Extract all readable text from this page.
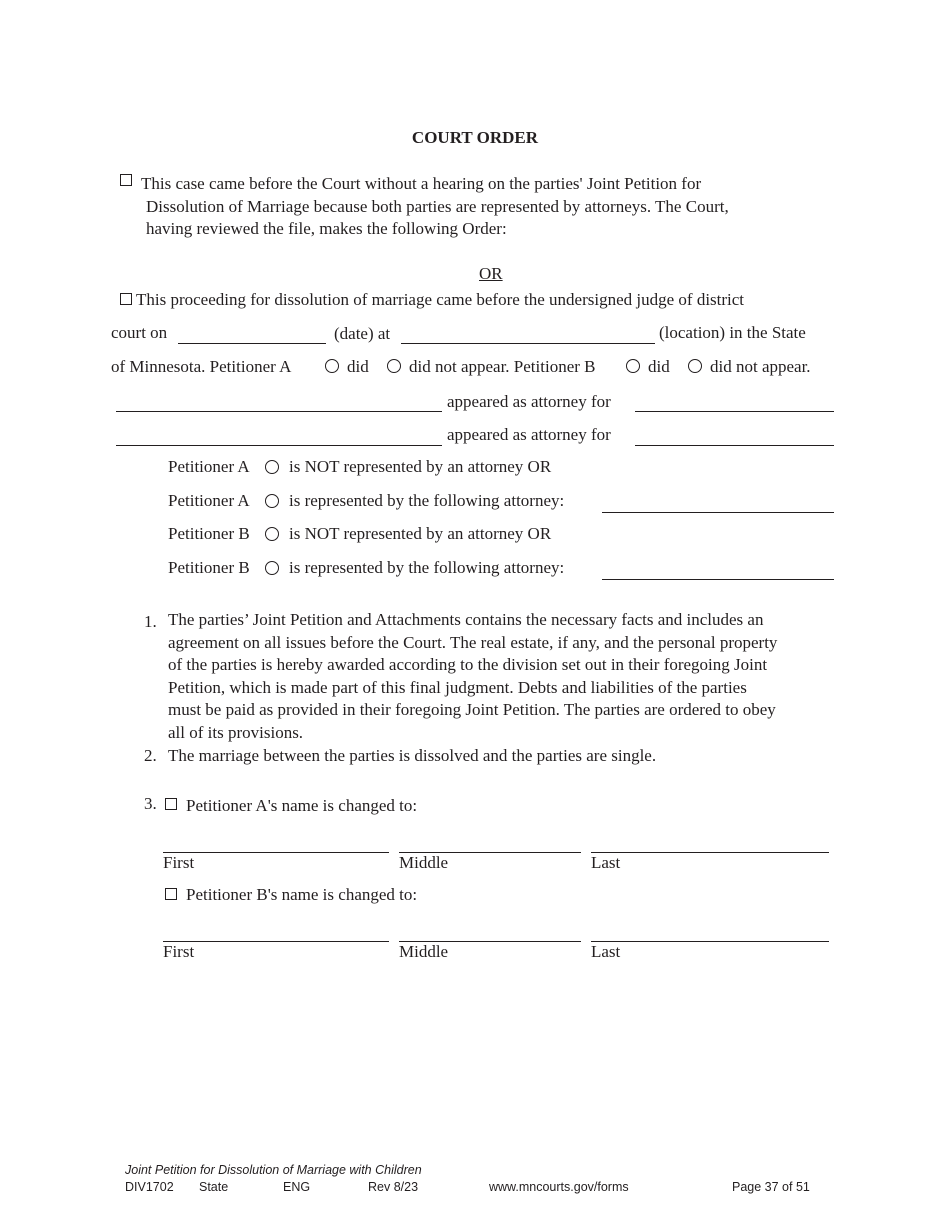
COURT ORDER
This case came before the Court without a hearing on the parties' Joint Petition for
Dissolution of Marriage because both parties are represented by attorneys. The Court,
having reviewed the file, makes the following Order:
OR
This proceeding for dissolution of marriage came before the undersigned judge of district
court on	(date) at	(location) in the State
of Minnesota. Petitioner A	did did not appear. Petitioner B	did did not appear.
appeared as attorney for
appeared as attorney for
Petitioner A is NOT represented by an attorney OR
Petitioner A is represented by the following attorney:
Petitioner B is NOT represented by an attorney OR
Petitioner B is represented by the following attorney:
1. The parties’ Joint Petition and Attachments contains the necessary facts and includes an
agreement on all issues before the Court. The real estate, if any, and the personal property
of the parties is hereby awarded according to the division set out in their foregoing Joint
Petition, which is made part of this final judgment. Debts and liabilities of the parties
must be paid as provided in their foregoing Joint Petition. The parties are ordered to obey
all of its provisions.
2. The marriage between the parties is dissolved and the parties are single.
3. Petitioner A's name is changed to:
First	Middle	Last
Petitioner B's name is changed to:
First	Middle	Last
Joint Petition for Dissolution of Marriage with Children
DIV1702 State	ENG	Rev 8/23	www.mncourts.gov/forms	Page 37 of 51
